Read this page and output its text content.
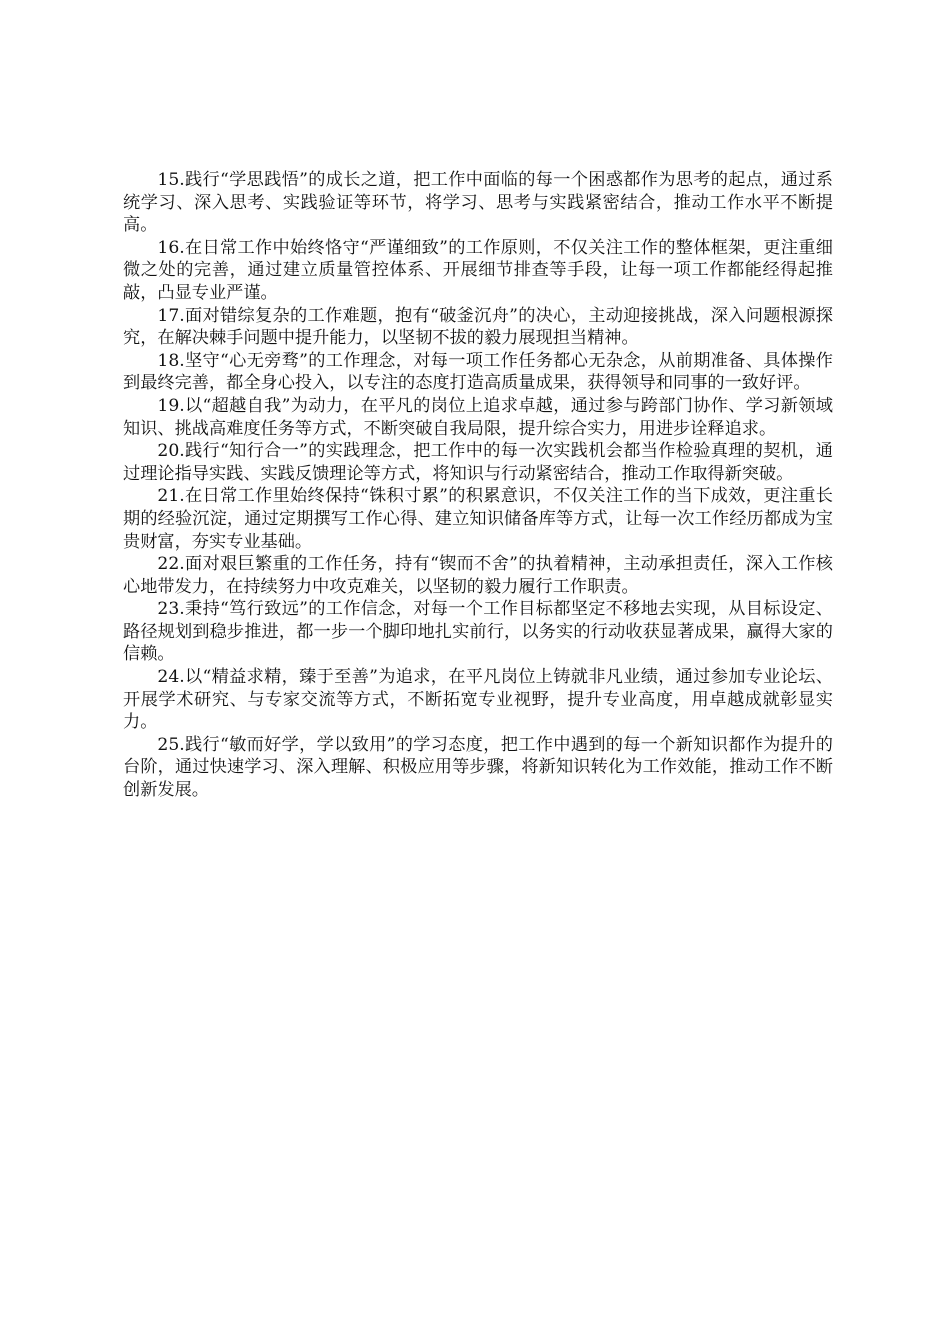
15.践行“学思践悟”的成长之道，把工作中面临的每一个困惑都作为思考的起点，通过系统学习、深入思考、实践验证等环节，将学习、思考与实践紧密结合，推动工作水平不断提高。

16.在日常工作中始终恪守“严谨细致”的工作原则，不仅关注工作的整体框架，更注重细微之处的完善，通过建立质量管控体系、开展细节排查等手段，让每一项工作都能经得起推敲，凸显专业严谨。

17.面对错综复杂的工作难题，抱有“破釜沉舟”的决心，主动迎接挑战，深入问题根源探究，在解决棘手问题中提升能力，以坚韧不拔的毅力展现担当精神。

18.坚守“心无旁骛”的工作理念，对每一项工作任务都心无杂念，从前期准备、具体操作到最终完善，都全身心投入，以专注的态度打造高质量成果，获得领导和同事的一致好评。

19.以“超越自我”为动力，在平凡的岗位上追求卓越，通过参与跨部门协作、学习新领域知识、挑战高难度任务等方式，不断突破自我局限，提升综合实力，用进步诠释追求。

20.践行“知行合一”的实践理念，把工作中的每一次实践机会都当作检验真理的契机，通过理论指导实践、实践反馈理论等方式，将知识与行动紧密结合，推动工作取得新突破。

21.在日常工作里始终保持“铢积寸累”的积累意识，不仅关注工作的当下成效，更注重长期的经验沉淀，通过定期撰写工作心得、建立知识储备库等方式，让每一次工作经历都成为宝贵财富，夯实专业基础。

22.面对艰巨繁重的工作任务，持有“锲而不舍”的执着精神，主动承担责任，深入工作核心地带发力，在持续努力中攻克难关，以坚韧的毅力履行工作职责。

23.秉持“笃行致远”的工作信念，对每一个工作目标都坚定不移地去实现，从目标设定、路径规划到稳步推进，都一步一个脚印地扎实前行，以务实的行动收获显著成果，赢得大家的信赖。

24.以“精益求精，臻于至善”为追求，在平凡岗位上铸就非凡业绩，通过参加专业论坛、开展学术研究、与专家交流等方式，不断拓宽专业视野，提升专业高度，用卓越成就彰显实力。

25.践行“敏而好学，学以致用”的学习态度，把工作中遇到的每一个新知识都作为提升的台阶，通过快速学习、深入理解、积极应用等步骤，将新知识转化为工作效能，推动工作不断创新发展。
